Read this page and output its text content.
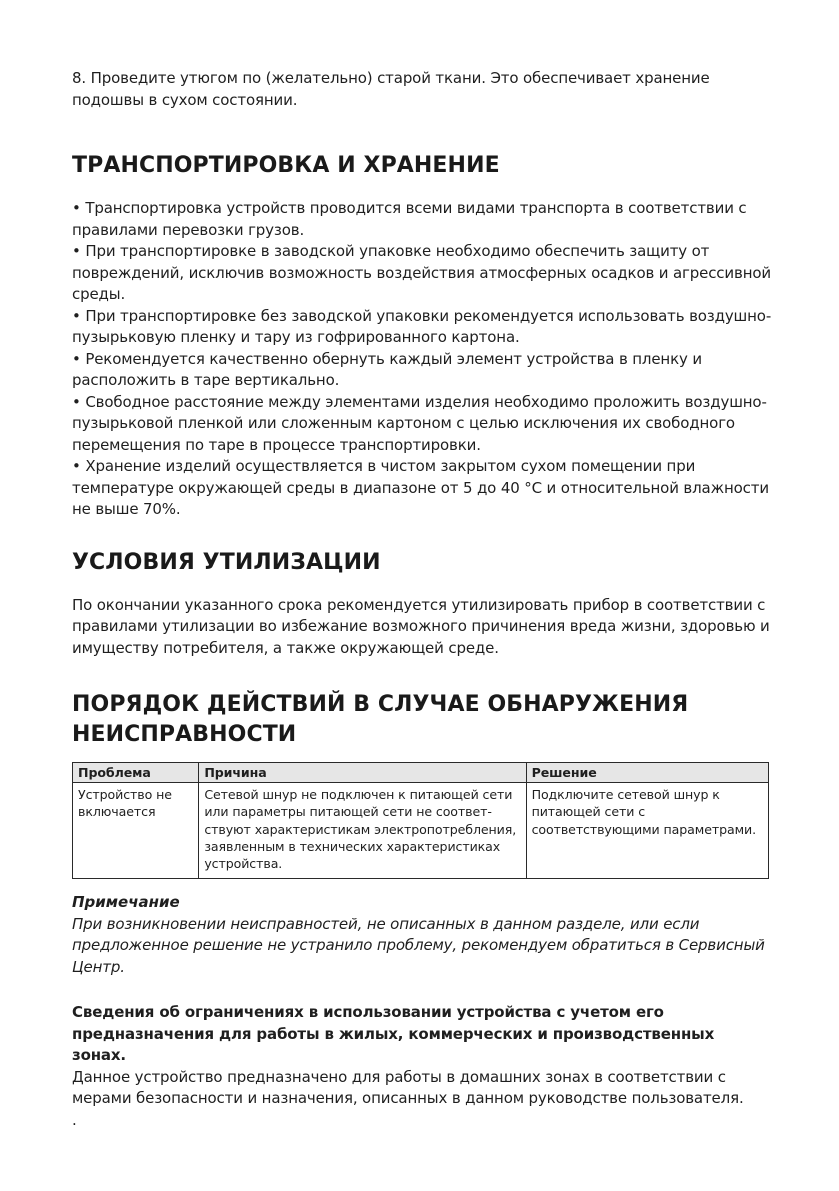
8. Проведите утюгом по (желательно) старой ткани. Это обеспечивает хранение подошвы в сухом состоянии.

ТРАНСПОРТИРОВКА И ХРАНЕНИЕ

• Транспортировка устройств проводится всеми видами транспорта в соответствии с правилами перевозки грузов.

• При транспортировке в заводской упаковке необходимо обеспечить защиту от повреждений, исключив возможность воздействия атмосферных осадков и агрессивной среды.

• При транспортировке без заводской упаковки рекомендуется использовать воздушно-пузырьковую пленку и тару из гофрированного картона.

• Рекомендуется качественно обернуть каждый элемент устройства в пленку и расположить в таре вертикально.

• Свободное расстояние между элементами изделия необходимо проложить воздушно-пузырьковой пленкой или сложенным картоном с целью исключения их свободного перемещения по таре в процессе транспортировки.

• Хранение изделий осуществляется в чистом закрытом сухом помещении при температуре окружающей среды в диапазоне от 5 до 40 °С и относительной влажности не выше 70%.

УСЛОВИЯ УТИЛИЗАЦИИ

По окончании указанного срока рекомендуется утилизировать прибор в соответствии с правилами утилизации во избежание возможного причинения вреда жизни, здоровью и имуществу потребителя, а также окружающей среде.

ПОРЯДОК ДЕЙСТВИЙ В СЛУЧАЕ ОБНАРУЖЕНИЯ НЕИСПРАВНОСТИ
Проблема	Причина	Решение
Устройство не включается	Сетевой шнур не подключен к питающей сети или параметры питающей сети не соответ-ствуют характеристикам электропотребления, заявленным в технических характеристиках устройства.	Подключите сетевой шнур к питающей сети с соответствующими параметрами.

Примечание

При возникновении неисправностей, не описанных в данном разделе, или если предложенное решение не устранило проблему, рекомендуем обратиться в Сервисный Центр.

Сведения об ограничениях в использовании устройства с учетом его предназначения для работы в жилых, коммерческих и производственных зонах.

Данное устройство предназначено для работы в домашних зонах в соответствии с мерами безопасности и назначения, описанных в данном руководстве пользователя.

.
